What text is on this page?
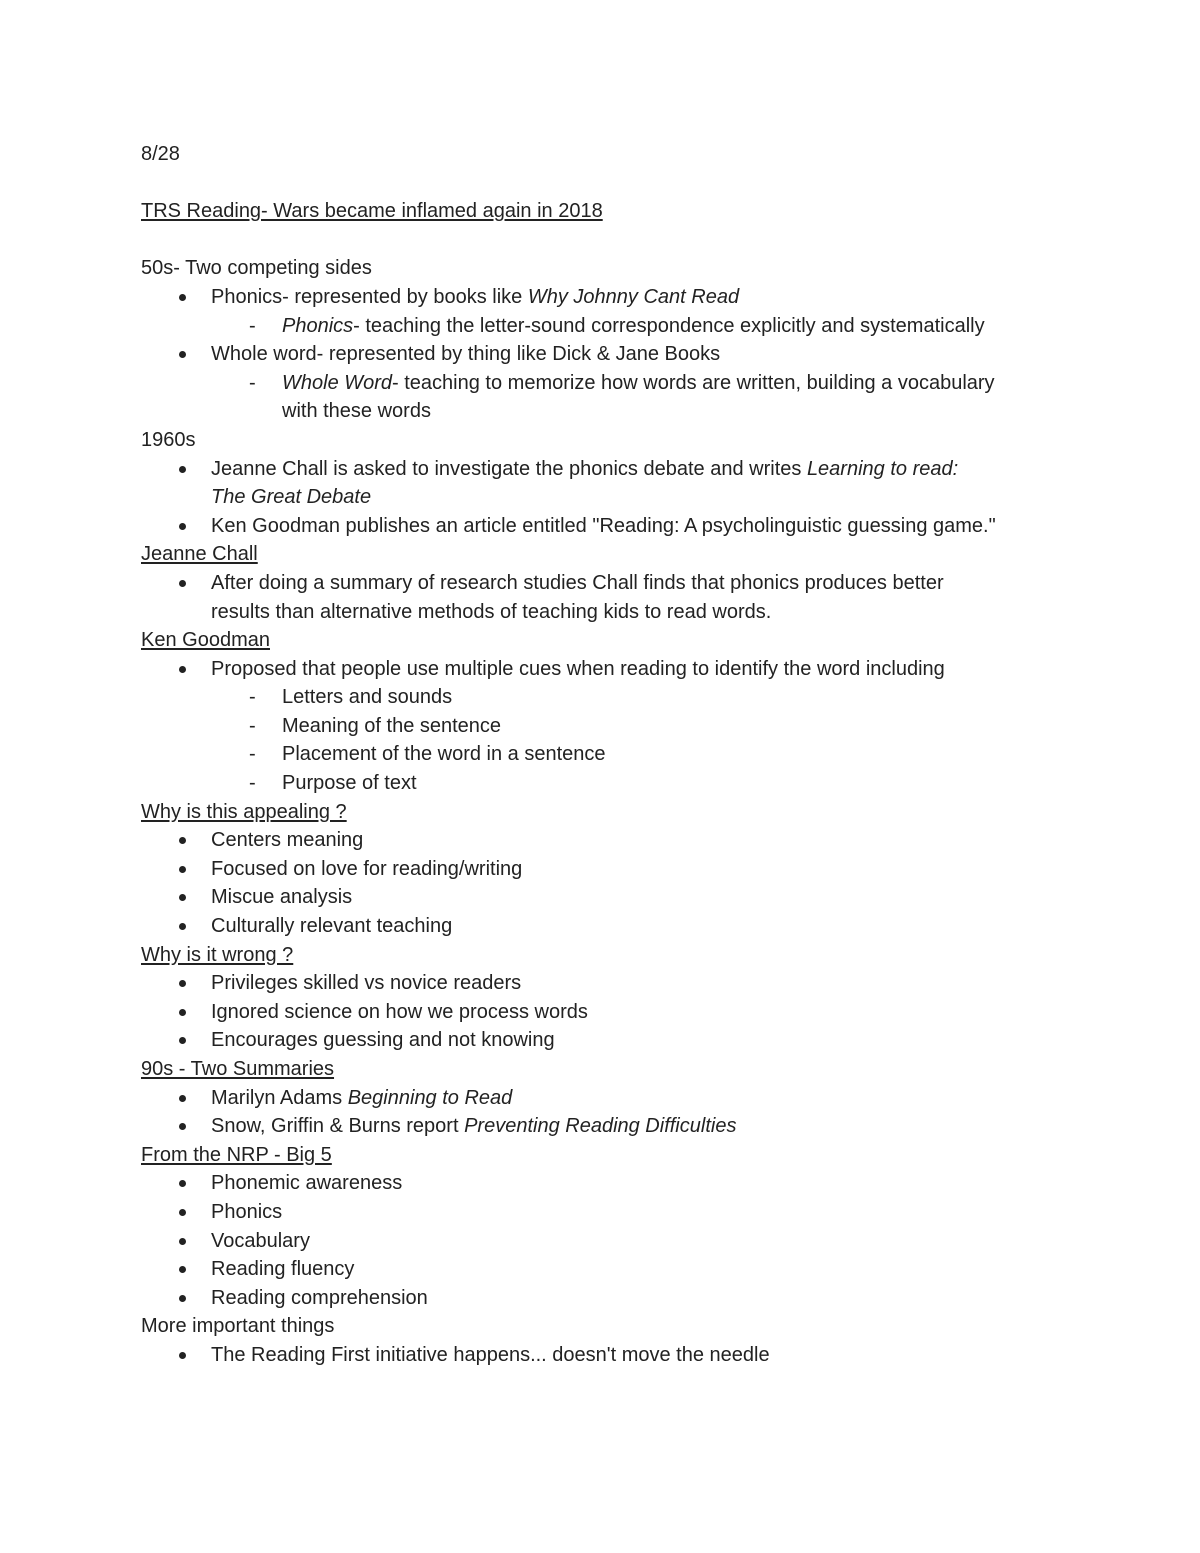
8/28
TRS Reading- Wars became inflamed again in 2018
50s- Two competing sides
Phonics- represented by books like Why Johnny Cant Read
- Phonics- teaching the letter-sound correspondence explicitly and systematically
Whole word- represented by thing like Dick & Jane Books
- Whole Word- teaching to memorize how words are written, building a vocabulary
with these words
1960s
Jeanne Chall is asked to investigate the phonics debate and writes Learning to read:
The Great Debate
Ken Goodman publishes an article entitled "Reading: A psycholinguistic guessing game."
Jeanne Chall
After doing a summary of research studies Chall finds that phonics produces better
results than alternative methods of teaching kids to read words.
Ken Goodman
Proposed that people use multiple cues when reading to identify the word including
- Letters and sounds
- Meaning of the sentence
- Placement of the word in a sentence
- Purpose of text
Why is this appealing ?
Centers meaning
Focused on love for reading/writing
Miscue analysis
Culturally relevant teaching
Why is it wrong ?
Privileges skilled vs novice readers
Ignored science on how we process words
Encourages guessing and not knowing
90s - Two Summaries
Marilyn Adams Beginning to Read
Snow, Griffin & Burns report Preventing Reading Difficulties
From the NRP - Big 5
Phonemic awareness
Phonics
Vocabulary
Reading fluency
Reading comprehension
More important things
The Reading First initiative happens... doesn't move the needle
